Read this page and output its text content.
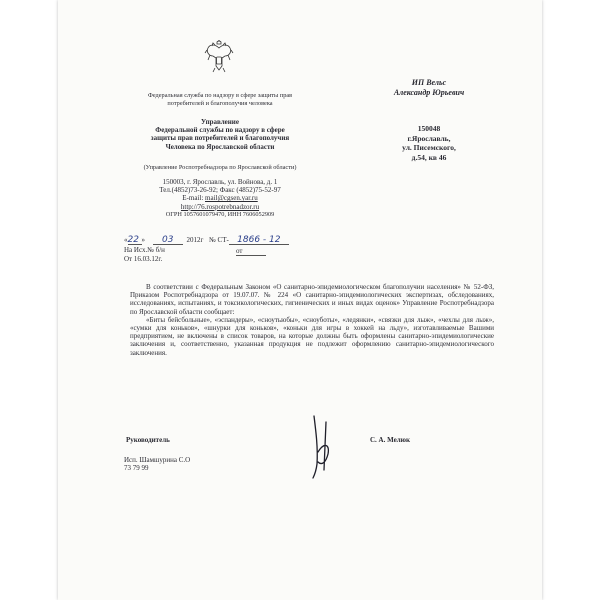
Федеральная служба по надзору в сфере защиты прав
потребителей и благополучия человека
Управление
Федеральной службы по надзору в сфере
защиты прав потребителей и благополучия
Человека по Ярославской области
(Управление Роспотребнадзора по Ярославской области)
150003, г. Ярославль, ул. Войнова, д. 1
Тел.(4852)73-26-92; Факс (4852)75-52-97
E-mail: mail@cgsen.yar.ru
http://76.rospotrebnadzor.ru
ОГРН 1057601079470, ИНН 7606052909
ИП Вельс
Александр Юрьевич
150048
г.Ярославль,
ул. Писемского,
д.54, кв 46
«22 » 03 2012г № СТ- 1866 - 12
от
На Исх.№ б/н
От 16.03.12г.

В соответствии с Федеральным Законом «О санитарно-эпидемиологическом благополучии населения» № 52-ФЗ, Приказом Роспотребнадзора от 19.07.07. № 224 «О санитарно-эпидемиологических экспертизах, обследованиях, исследованиях, испытаниях, и токсикологических, гигиенических и иных видах оценок» Управление Роспотребнадзора по Ярославской области сообщает:

«Биты бейсбольные», «эспандеры», «сноутьюбы», «сноуботы», «ледянки», «связки для лыж», «чехлы для лыж», «сумки для коньков», «шнурки для коньков», «коньки для игры в хоккей на льду», изготавливаемые Вашими предприятием, не включены в список товаров, на которые должны быть оформлены санитарно-эпидемиологические заключения и, соответственно, указанная продукция не подлежит оформлению санитарно-эпидемиологического заключения.

Руководитель	С. А. Мелюк
Исп. Шамшурина С.О
73 79 99
